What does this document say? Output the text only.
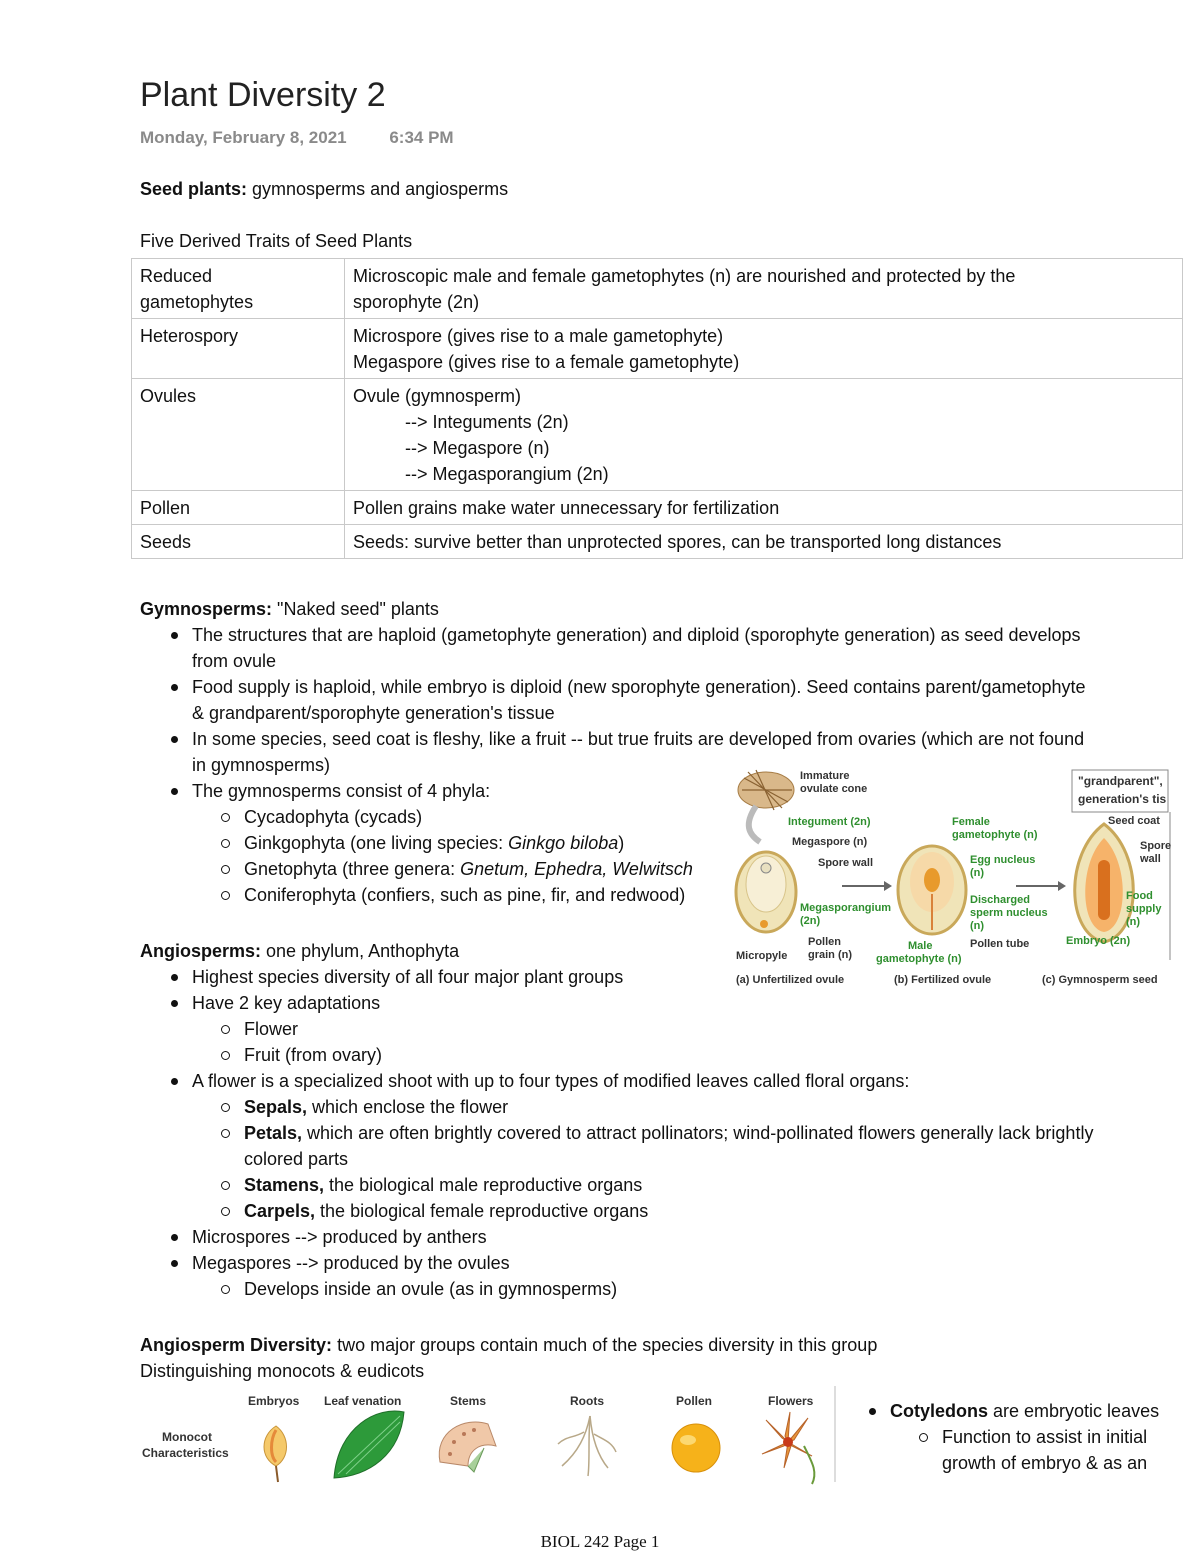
Plant Diversity 2
Monday, February 8, 2021	6:34 PM
Seed plants: gymnosperms and angiosperms
Five Derived Traits of Seed Plants
Reduced
gametophytes	Microscopic male and female gametophytes (n) are nourished and protected by the
sporophyte (2n)
Heterospory	Microspore (gives rise to a male gametophyte)
Megaspore (gives rise to a female gametophyte)
Ovules	Ovule (gymnosperm)
--> Integuments (2n)
--> Megaspore (n)
--> Megasporangium (2n)

Pollen	Pollen grains make water unnecessary for fertilization
Seeds	Seeds: survive better than unprotected spores, can be transported long distances
Gymnosperms: "Naked seed" plants
The structures that are haploid (gametophyte generation) and diploid (sporophyte generation) as seed develops
from ovule
Food supply is haploid, while embryo is diploid (new sporophyte generation). Seed contains parent/gametophyte
& grandparent/sporophyte generation's tissue
In some species, seed coat is fleshy, like a fruit -- but true fruits are developed from ovaries (which are not found
in gymnosperms)
The gymnosperms consist of 4 phyla:
Cycadophyta (cycads)
Ginkgophyta (one living species: Ginkgo biloba)
Gnetophyta (three genera: Gnetum, Ephedra, Welwitsch
Coniferophyta (confiers, such as pine, fir, and redwood)
Immature
ovulate cone
Integument (2n)
Megaspore (n)
Spore wall
Megasporangium
(2n)
Pollen
grain (n)
Micropyle
Female
gametophyte (n)
Egg nucleus
(n)
Discharged
sperm nucleus
(n)
Pollen tube
Male
gametophyte (n)
"grandparent",
generation's tis
Seed coat
Spore
wall
Food
supply
(n)
Embryo (2n)
(a) Unfertilized ovule	(b) Fertilized ovule	(c) Gymnosperm seed
Angiosperms: one phylum, Anthophyta
Highest species diversity of all four major plant groups
Have 2 key adaptations
Flower
Fruit (from ovary)
A flower is a specialized shoot with up to four types of modified leaves called floral organs:
Sepals, which enclose the flower
Petals, which are often brightly covered to attract pollinators; wind-pollinated flowers generally lack brightly
colored parts
Stamens, the biological male reproductive organs
Carpels, the biological female reproductive organs
Microspores --> produced by anthers
Megaspores --> produced by the ovules
Develops inside an ovule (as in gymnosperms)
Angiosperm Diversity: two major groups contain much of the species diversity in this group
Distinguishing monocots & eudicots
Monocot
Characteristics
Embryos Leaf venation	Stems	Roots	Pollen	Flowers	Cotyledons are embryotic leaves
Function to assist in initial
growth of embryo & as an
BIOL 242 Page 1
